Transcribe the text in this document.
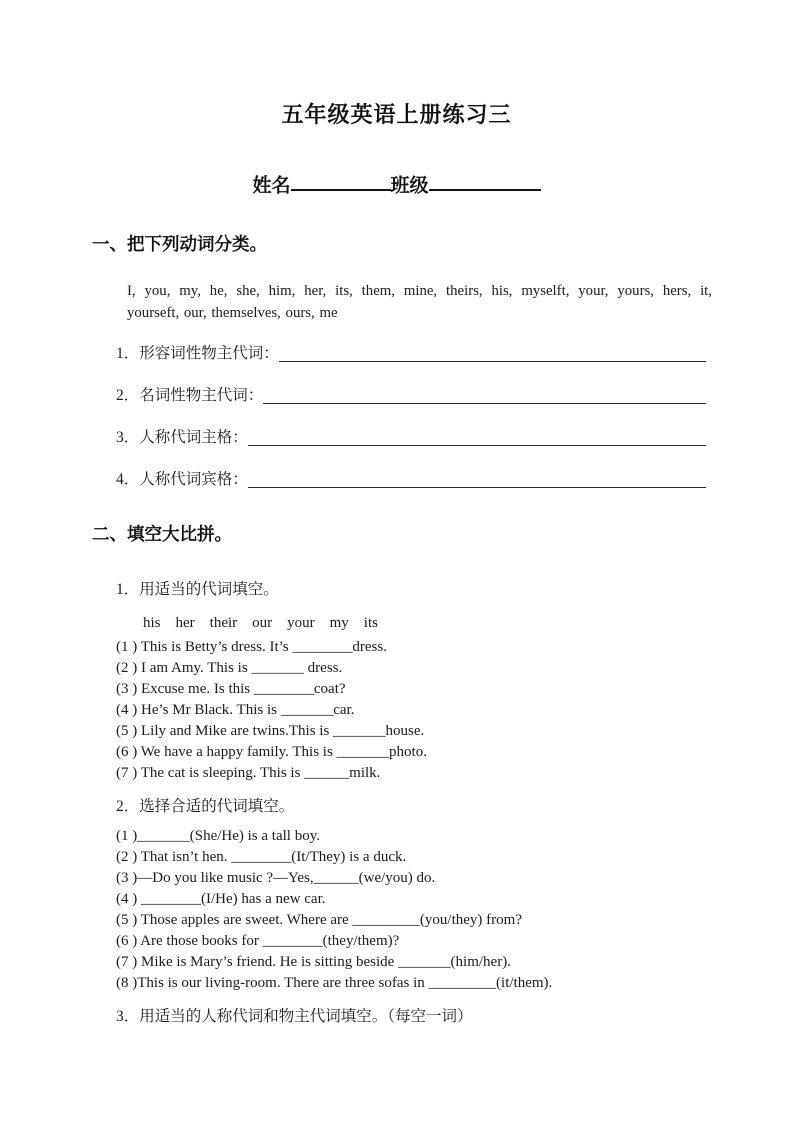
五年级英语上册练习三
姓名	班级
一、把下列动词分类。
I, you, my, he, she, him, her, its, them, mine, theirs, his, myselft, your, yours, hers, it,
yourseft, our, themselves, ours, me
1．形容词性物主代词：
2．名词性物主代词：
3．人称代词主格：
4．人称代词宾格：
二、填空大比拼。
1．用适当的代词填空。
his    her    their    our    your    my    its
(1 ) This is Betty’s dress. It’s ________dress.
(2 ) I am Amy. This is _______ dress.
(3 ) Excuse me. Is this ________coat?
(4 ) He’s Mr Black. This is _______car.
(5 ) Lily and Mike are twins.This is _______house.
(6 ) We have a happy family. This is _______photo.
(7 ) The cat is sleeping. This is ______milk.
2．选择合适的代词填空。
(1 )_______(She/He) is a tall boy.
(2 ) That isn’t hen. ________(It/They) is a duck.
(3 )—Do you like music ?—Yes,______(we/you) do.
(4 ) ________(I/He) has a new car.
(5 ) Those apples are sweet. Where are _________(you/they) from?
(6 ) Are those books for ________(they/them)?
(7 ) Mike is Mary’s friend. He is sitting beside _______(him/her).
(8 )This is our living-room. There are three sofas in _________(it/them).
3．用适当的人称代词和物主代词填空。（每空一词）
